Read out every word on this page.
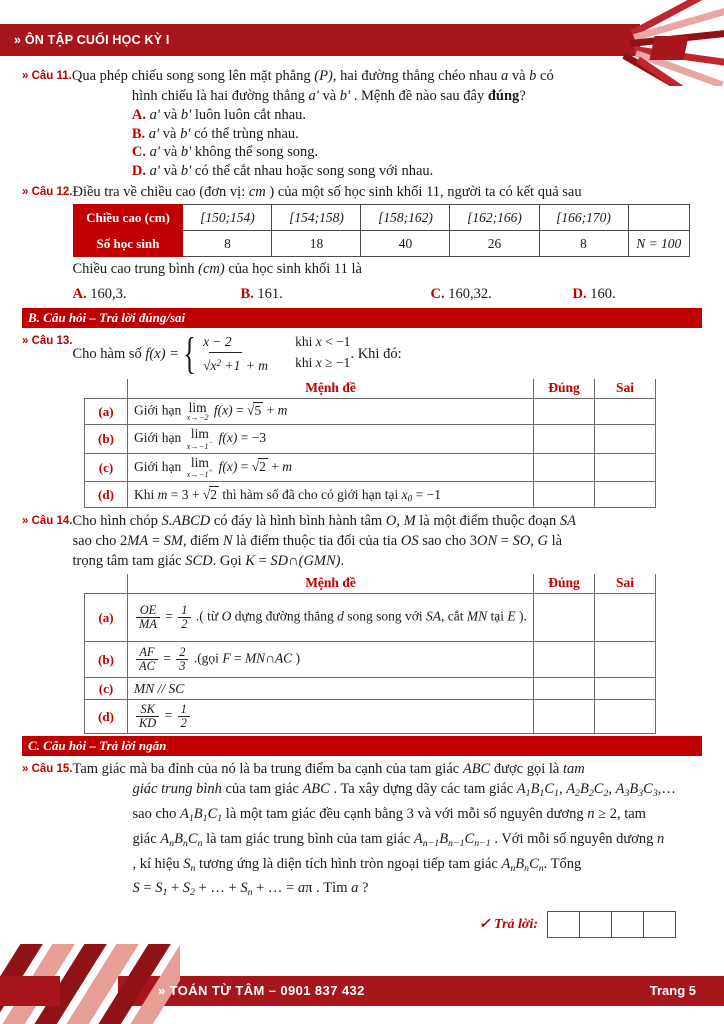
» ÔN TẬP CUỐI HỌC KỲ I
» Câu 11. Qua phép chiếu song song lên mặt phẳng (P), hai đường thẳng chéo nhau a và b có

hình chiếu là hai đường thẳng a' và b' . Mệnh đề nào sau đây đúng?

A. a' và b' luôn luôn cắt nhau.
B. a' và b' có thể trùng nhau.
C. a' và b' không thể song song.
D. a' và b' có thể cắt nhau hoặc song song với nhau.
» Câu 12. Điều tra về chiều cao (đơn vị: cm ) của một số học sinh khối 11, người ta có kết quả sau

Chiều cao (cm)	[150;154)	[154;158)	[158;162)	[162;166)	[166;170)	
Số học sinh	8	18	40	26	8	N = 100

Chiều cao trung bình (cm) của học sinh khối 11 là

A. 160,3.	B. 161.	C. 160,32.	D. 160.
B. Câu hỏi – Trả lời đúng/sai
» Câu 13.
Cho hàm số f(x) = { x − 2	khi x < −1
$√x^2 +1 + m$	khi x ≥ −1
. Khi đó:
	Mệnh đề	Đúng	Sai
(a)	Giới hạn lim
x→−2 f(x) = √5 + m		
(b)	Giới hạn lim
x→−1− f(x) = −3		
(c)	Giới hạn lim
x→−1+ f(x) = √2 + m		
(d)	Khi m = 3 + √2 thì hàm số đã cho có giới hạn tại $x_0 = -1$		
» Câu 14. Cho hình chóp S.ABCD có đáy là hình bình hành tâm O, M là một điểm thuộc đoạn SA

sao cho 2MA = SM, điểm N là điểm thuộc tia đối của tia OS sao cho 3ON = SO, G là

trọng tâm tam giác SCD. Gọi K = SD∩(GMN).

	Mệnh đề	Đúng	Sai
(a)	$\frac{OE}{MA} = \frac{1}{2}$ .( từ O dựng đường thẳng d song song với SA, cắt MN tại E ).		
(b)	$\frac{AF}{AC} = \frac{2}{3}$ .(gọi F = MN∩AC )		
(c)	MN // SC		
(d)	$\frac{SK}{KD} = \frac{1}{2}$

C. Câu hỏi – Trả lời ngắn
» Câu 15. Tam giác mà ba đỉnh của nó là ba trung điểm ba cạnh của tam giác ABC được gọi là tam

giác trung bình của tam giác ABC . Ta xây dựng dãy các tam giác $A_1B_1C_1$, $A_2B_2C_2$, $A_3B_3C_3,\dots$

sao cho $A_1B_1C_1$ là một tam giác đều cạnh bằng 3 và với mỗi số nguyên dương n ≥ 2, tam

giác $A_nB_nC_n$ là tam giác trung bình của tam giác $A_{n-1}B_{n-1}C_{n-1}$ . Với mỗi số nguyên dương n

, kí hiệu $S_n$ tương ứng là diện tích hình tròn ngoại tiếp tam giác $A_nB_nC_n$. Tổng

$S = S_1 + S_2$ + … + $S_n$ + … = aπ . Tìm a ?

✓ Trả lời:
» TOÁN TỪ TÂM – 0901 837 432	Trang 5
